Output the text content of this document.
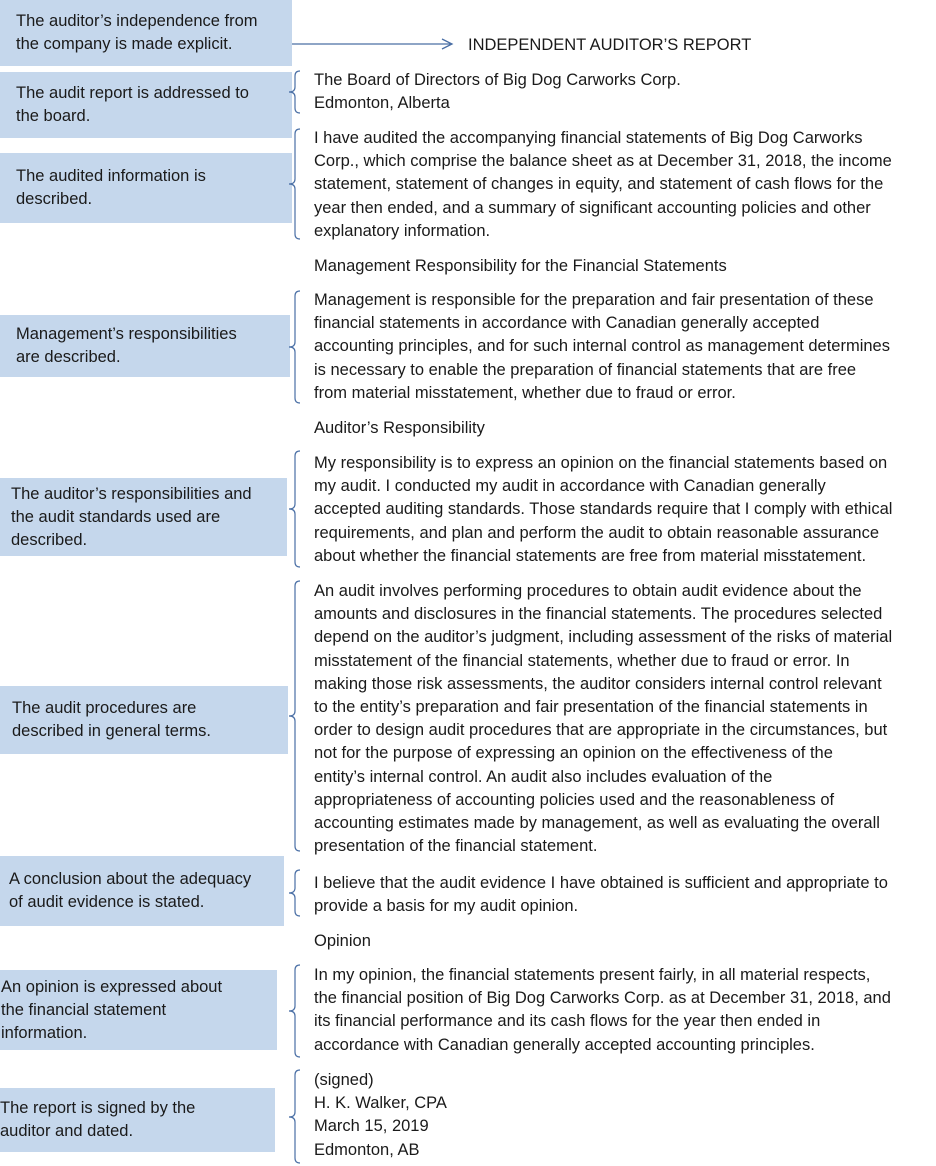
The auditor’s independence from
the company is made explicit.
The audit report is addressed to
the board.
The audited information is
described.
Management’s responsibilities
are described.
The auditor’s responsibilities and
the audit standards used are
described.
The audit procedures are
described in general terms.
A conclusion about the adequacy
of audit evidence is stated.
An opinion is expressed about
the financial statement
information.
The report is signed by the
auditor and dated.
INDEPENDENT AUDITOR’S REPORT
The Board of Directors of Big Dog Carworks Corp.
Edmonton, Alberta
I have audited the accompanying financial statements of Big Dog Carworks
Corp., which comprise the balance sheet as at December 31, 2018, the income
statement, statement of changes in equity, and statement of cash flows for the
year then ended, and a summary of significant accounting policies and other
explanatory information.
Management Responsibility for the Financial Statements
Management is responsible for the preparation and fair presentation of these
financial statements in accordance with Canadian generally accepted
accounting principles, and for such internal control as management determines
is necessary to enable the preparation of financial statements that are free
from material misstatement, whether due to fraud or error.
Auditor’s Responsibility
My responsibility is to express an opinion on the financial statements based on
my audit. I conducted my audit in accordance with Canadian generally
accepted auditing standards. Those standards require that I comply with ethical
requirements, and plan and perform the audit to obtain reasonable assurance
about whether the financial statements are free from material misstatement.
An audit involves performing procedures to obtain audit evidence about the
amounts and disclosures in the financial statements. The procedures selected
depend on the auditor’s judgment, including assessment of the risks of material
misstatement of the financial statements, whether due to fraud or error. In
making those risk assessments, the auditor considers internal control relevant
to the entity’s preparation and fair presentation of the financial statements in
order to design audit procedures that are appropriate in the circumstances, but
not for the purpose of expressing an opinion on the effectiveness of the
entity’s internal control. An audit also includes evaluation of the
appropriateness of accounting policies used and the reasonableness of
accounting estimates made by management, as well as evaluating the overall
presentation of the financial statement.
I believe that the audit evidence I have obtained is sufficient and appropriate to
provide a basis for my audit opinion.
Opinion
In my opinion, the financial statements present fairly, in all material respects,
the financial position of Big Dog Carworks Corp. as at December 31, 2018, and
its financial performance and its cash flows for the year then ended in
accordance with Canadian generally accepted accounting principles.
(signed)
H. K. Walker, CPA
March 15, 2019
Edmonton, AB
